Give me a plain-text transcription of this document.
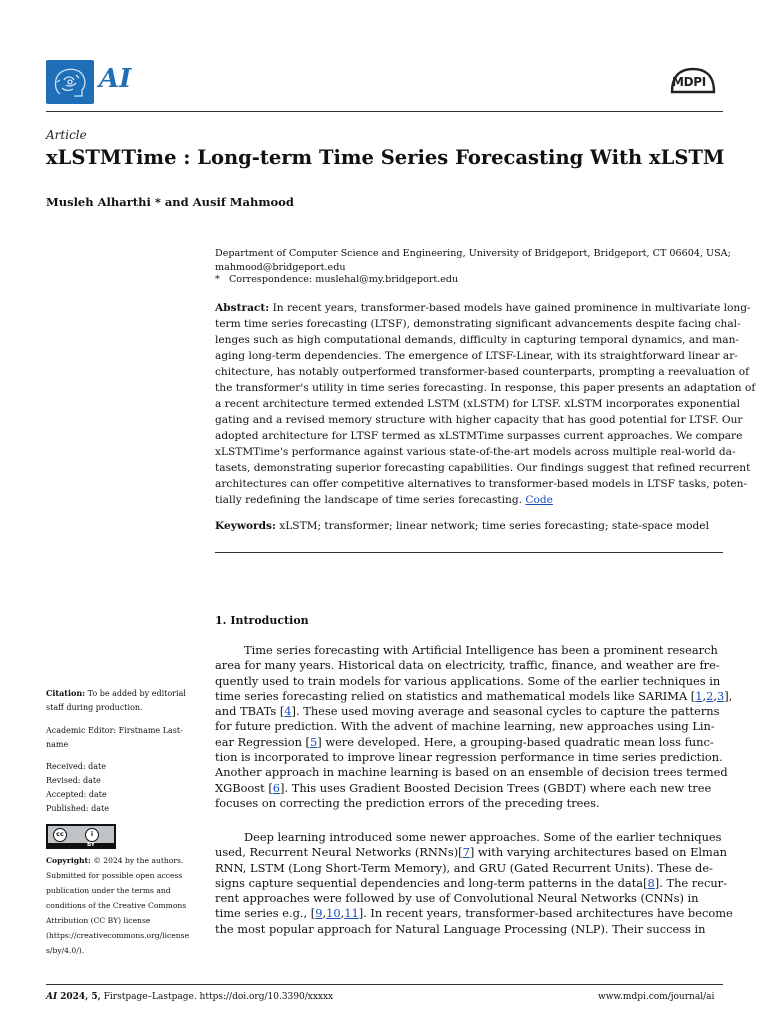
AI	MDPI
Article
xLSTMTime : Long-term Time Series Forecasting With xLSTM
Musleh Alharthi * and Ausif Mahmood
Department of Computer Science and Engineering, University of Bridgeport, Bridgeport, CT 06604, USA;
mahmood@bridgeport.edu
* Correspondence: muslehal@my.bridgeport.edu
Abstract: In recent years, transformer-based models have gained prominence in multivariate long-
term time series forecasting (LTSF), demonstrating significant advancements despite facing chal-
lenges such as high computational demands, difficulty in capturing temporal dynamics, and man-
aging long-term dependencies. The emergence of LTSF-Linear, with its straightforward linear ar-
chitecture, has notably outperformed transformer-based counterparts, prompting a reevaluation of
the transformer's utility in time series forecasting. In response, this paper presents an adaptation of
a recent architecture termed extended LSTM (xLSTM) for LTSF. xLSTM incorporates exponential
gating and a revised memory structure with higher capacity that has good potential for LTSF. Our
adopted architecture for LTSF termed as xLSTMTime surpasses current approaches. We compare
xLSTMTime's performance against various state-of-the-art models across multiple real-world da-
tasets, demonstrating superior forecasting capabilities. Our findings suggest that refined recurrent
architectures can offer competitive alternatives to transformer-based models in LTSF tasks, poten-
tially redefining the landscape of time series forecasting. Code
Keywords: xLSTM; transformer; linear network; time series forecasting; state-space model
1. Introduction
Time series forecasting with Artificial Intelligence has been a prominent research
area for many years. Historical data on electricity, traffic, finance, and weather are fre-
quently used to train models for various applications. Some of the earlier techniques in
time series forecasting relied on statistics and mathematical models like SARIMA [1,2,3],
and TBATs [4]. These used moving average and seasonal cycles to capture the patterns
for future prediction. With the advent of machine learning, new approaches using Lin-
ear Regression [5] were developed. Here, a grouping-based quadratic mean loss func-
tion is incorporated to improve linear regression performance in time series prediction.
Another approach in machine learning is based on an ensemble of decision trees termed
XGBoost [6]. This uses Gradient Boosted Decision Trees (GBDT) where each new tree
focuses on correcting the prediction errors of the preceding trees.
Deep learning introduced some newer approaches. Some of the earlier techniques
used, Recurrent Neural Networks (RNNs)[7] with varying architectures based on Elman
RNN, LSTM (Long Short-Term Memory), and GRU (Gated Recurrent Units). These de-
signs capture sequential dependencies and long-term patterns in the data[8]. The recur-
rent approaches were followed by use of Convolutional Neural Networks (CNNs) in
time series e.g., [9,10,11]. In recent years, transformer-based architectures have become
the most popular approach for Natural Language Processing (NLP). Their success in
Citation: To be added by editorial
staff during production.
Academic Editor: Firstname Last-
name
Received: date
Revised: date
Accepted: date
Published: date
cc	i
BY
Copyright: © 2024 by the authors.
Submitted for possible open access
publication under the terms and
conditions of the Creative Commons
Attribution (CC BY) license
(https://creativecommons.org/license
s/by/4.0/).
AI 2024, 5, Firstpage–Lastpage. https://doi.org/10.3390/xxxxx	www.mdpi.com/journal/ai
